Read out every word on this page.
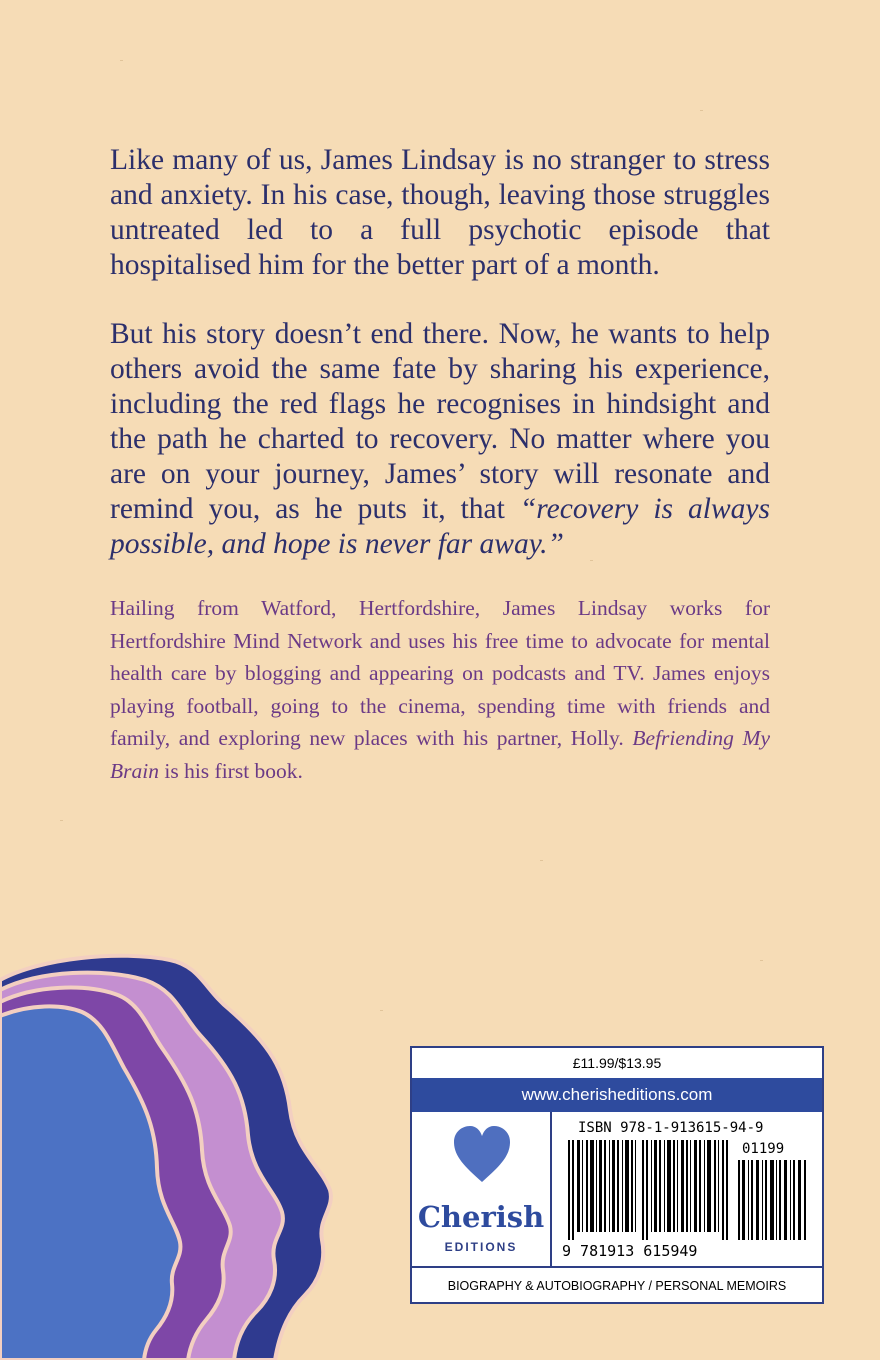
Like many of us, James Lindsay is no stranger to stress and anxiety. In his case, though, leaving those struggles untreated led to a full psychotic episode that hospitalised him for the better part of a month.
But his story doesn’t end there. Now, he wants to help others avoid the same fate by sharing his experience, including the red flags he recognises in hindsight and the path he charted to recovery. No matter where you are on your journey, James’ story will resonate and remind you, as he puts it, that “recovery is always possible, and hope is never far away.”
Hailing from Watford, Hertfordshire, James Lindsay works for Hertfordshire Mind Network and uses his free time to advocate for mental health care by blogging and appearing on podcasts and TV. James enjoys playing football, going to the cinema, spending time with friends and family, and exploring new places with his partner, Holly. Befriending My Brain is his first book.
£11.99/$13.95
www.cherisheditions.com
Cherish
EDITIONS
ISBN 978-1-913615-94-9
01199
9 781913 615949
BIOGRAPHY & AUTOBIOGRAPHY / PERSONAL MEMOIRS
